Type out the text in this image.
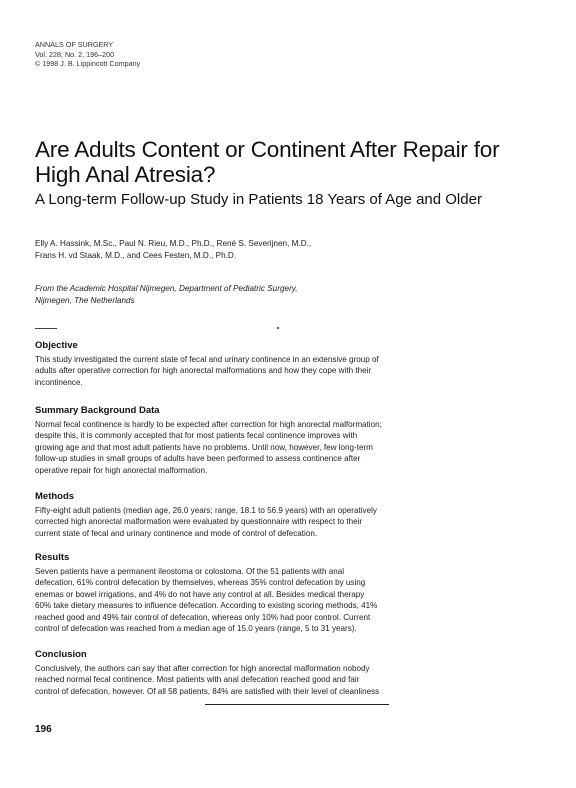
ANNALS OF SURGERY
Vol. 228, No. 2, 196–200
© 1998 J. B. Lippincott Company
Are Adults Content or Continent After Repair for High Anal Atresia?
A Long-term Follow-up Study in Patients 18 Years of Age and Older
Elly A. Hassink, M.Sc., Paul N. Rieu, M.D., Ph.D., René S. Severijnen, M.D.,
Frans H. vd Staak, M.D., and Cees Festen, M.D., Ph.D.
From the Academic Hospital Nijmegen, Department of Pediatric Surgery,
Nijmegen, The Netherlands
Objective

This study investigated the current state of fecal and urinary continence in an extensive group of
adults after operative correction for high anorectal malformations and how they cope with their
incontinence.

Summary Background Data

Normal fecal continence is hardly to be expected after correction for high anorectal malformation;
despite this, it is commonly accepted that for most patients fecal continence improves with
growing age and that most adult patients have no problems. Until now, however, few long-term
follow-up studies in small groups of adults have been performed to assess continence after
operative repair for high anorectal malformation.

Methods

Fifty-eight adult patients (median age, 26.0 years; range, 18.1 to 56.9 years) with an operatively
corrected high anorectal malformation were evaluated by questionnaire with respect to their
current state of fecal and urinary continence and mode of control of defecation.

Results

Seven patients have a permanent ileostoma or colostoma. Of the 51 patients with anal
defecation, 61% control defecation by themselves, whereas 35% control defecation by using
enemas or bowel irrigations, and 4% do not have any control at all. Besides medical therapy
60% take dietary measures to influence defecation. According to existing scoring methods, 41%
reached good and 49% fair control of defecation, whereas only 10% had poor control. Current
control of defecation was reached from a median age of 15.0 years (range, 5 to 31 years).

Conclusion

Conclusively, the authors can say that after correction for high anorectal malformation nobody
reached normal fecal continence. Most patients with anal defecation reached good and fair
control of defecation, however. Of all 58 patients, 84% are satisfied with their level of cleanliness

196
